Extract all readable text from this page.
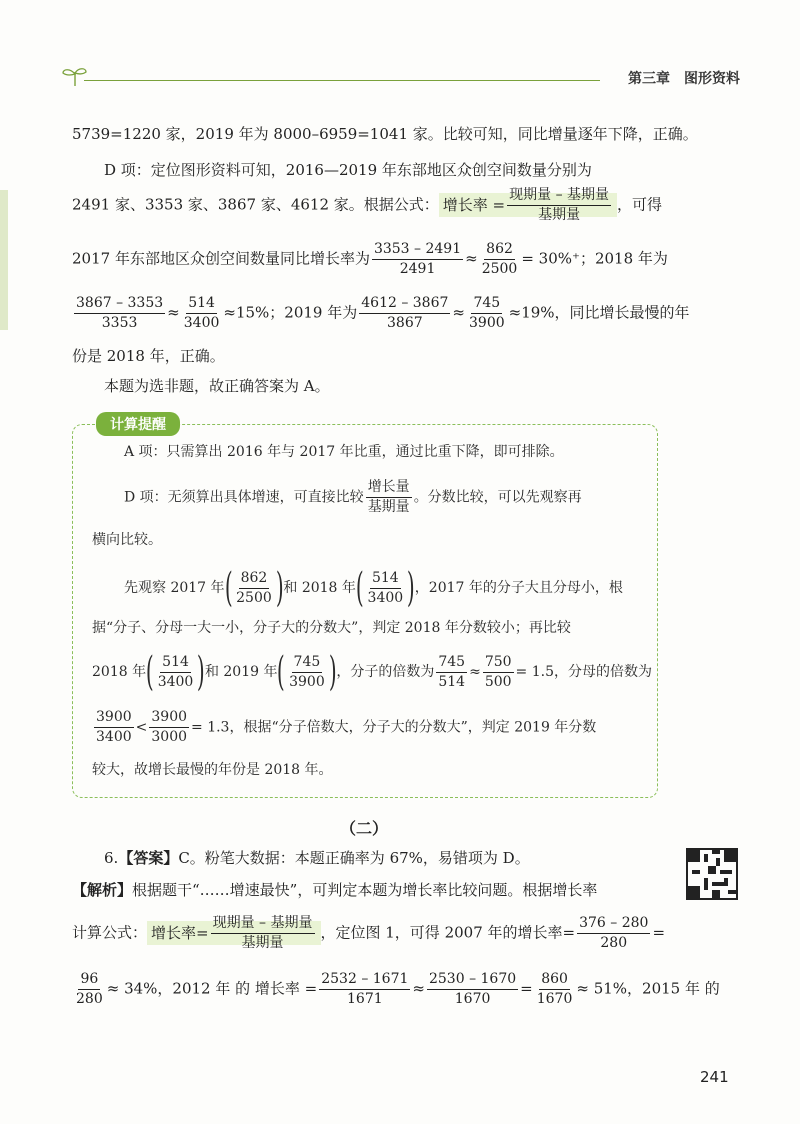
第三章 图形资料
5739=1220 家，2019 年为 8000–6959=1041 家。比较可知，同比增量逐年下降，正确。
D 项：定位图形资料可知，2016—2019 年东部地区众创空间数量分别为
2491 家、3353 家、3867 家、4612 家。根据公式： 增长率 = $\frac{\text{现期量 – 基期量}}{\text{基期量}}$ ，可得
2017 年东部地区众创空间数量同比增长率为 $\frac{3353 - 2491}{2491} \approx \frac{862}{2500} = 30\%^+$；2018 年为
$\frac{3867 - 3353}{3353} \approx \frac{514}{3400} \approx 15\%$；2019 年为 $\frac{4612 - 3867}{3867} \approx \frac{745}{3900} \approx 19\%$，同比增长最慢的年
份是 2018 年，正确。
本题为选非题，故正确答案为 A。
计算提醒
A 项：只需算出 2016 年与 2017 年比重，通过比重下降，即可排除。
D 项：无须算出具体增速，可直接比较 $\frac{\text{增长量}}{\text{基期量}}$ 。分数比较，可以先观察再
横向比较。
先观察 2017 年( $\frac{862}{2500}$ )和 2018 年( $\frac{514}{3400}$ )，2017 年的分子大且分母小，根
据“分子、分母一大一小，分子大的分数大”，判定 2018 年分数较小；再比较
2018 年( $\frac{514}{3400}$ )和 2019 年( $\frac{745}{3900}$ )，分子的倍数为 $\frac{745}{514} \approx \frac{750}{500} = 1.5$，分母的倍数为
$\frac{3900}{3400} < \frac{3900}{3000} = 1.3$，根据“分子倍数大，分子大的分数大”，判定 2019 年分数
较大，故增长最慢的年份是 2018 年。
（二）
6.【答案】C。粉笔大数据：本题正确率为 67%，易错项为 D。
【解析】根据题干“……增速最快”，可判定本题为增长率比较问题。根据增长率
计算公式： 增长率= $\frac{\text{现期量 – 基期量}}{\text{基期量}}$ ，定位图 1，可得 2007 年的增长率= $\frac{376 - 280}{280}$ =
$\frac{96}{280} \approx 34\%$，2012 年 的 增长率 = $\frac{2532 - 1671}{1671} \approx \frac{2530 - 1670}{1670} = \frac{860}{1670} \approx 51\%$，2015 年 的
241
